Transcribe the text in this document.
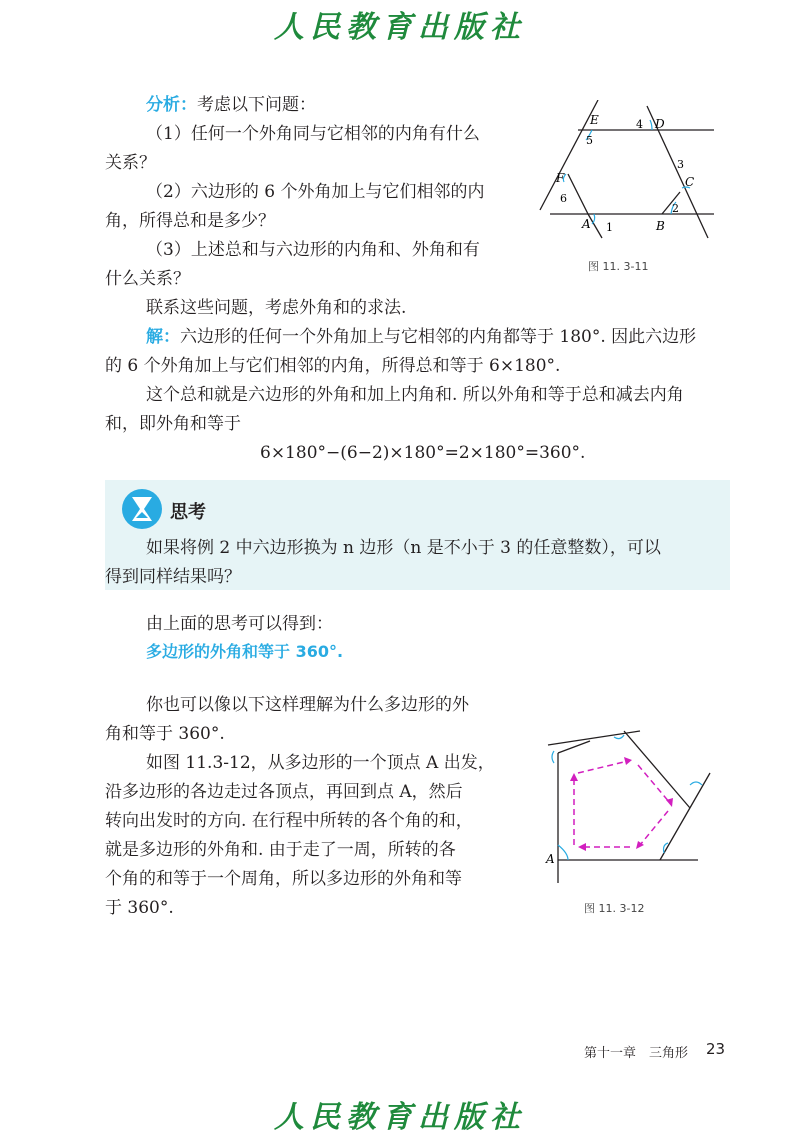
人民教育出版社
分析：考虑以下问题：
（1）任何一个外角同与它相邻的内角有什么
关系？
（2）六边形的 6 个外角加上与它们相邻的内
角，所得总和是多少？
（3）上述总和与六边形的内角和、外角和有
什么关系？
联系这些问题，考虑外角和的求法.
E	D
C
B
A
F
1
2
3
4
5
6
图 11. 3-11
解：六边形的任何一个外角加上与它相邻的内角都等于 180°. 因此六边形
的 6 个外角加上与它们相邻的内角，所得总和等于 6×180°.
这个总和就是六边形的外角和加上内角和. 所以外角和等于总和减去内角
和，即外角和等于
6×180°−(6−2)×180°=2×180°=360°.
思考
如果将例 2 中六边形换为 n 边形（n 是不小于 3 的任意整数），可以
得到同样结果吗？
由上面的思考可以得到：
多边形的外角和等于 360°.
你也可以像以下这样理解为什么多边形的外
角和等于 360°.
如图 11.3-12，从多边形的一个顶点 A 出发，
沿多边形的各边走过各顶点，再回到点 A，然后
转向出发时的方向. 在行程中所转的各个角的和，
就是多边形的外角和. 由于走了一周，所转的各
个角的和等于一个周角，所以多边形的外角和等
于 360°.
A
图 11. 3-12
第十一章　三角形 23
人民教育出版社
